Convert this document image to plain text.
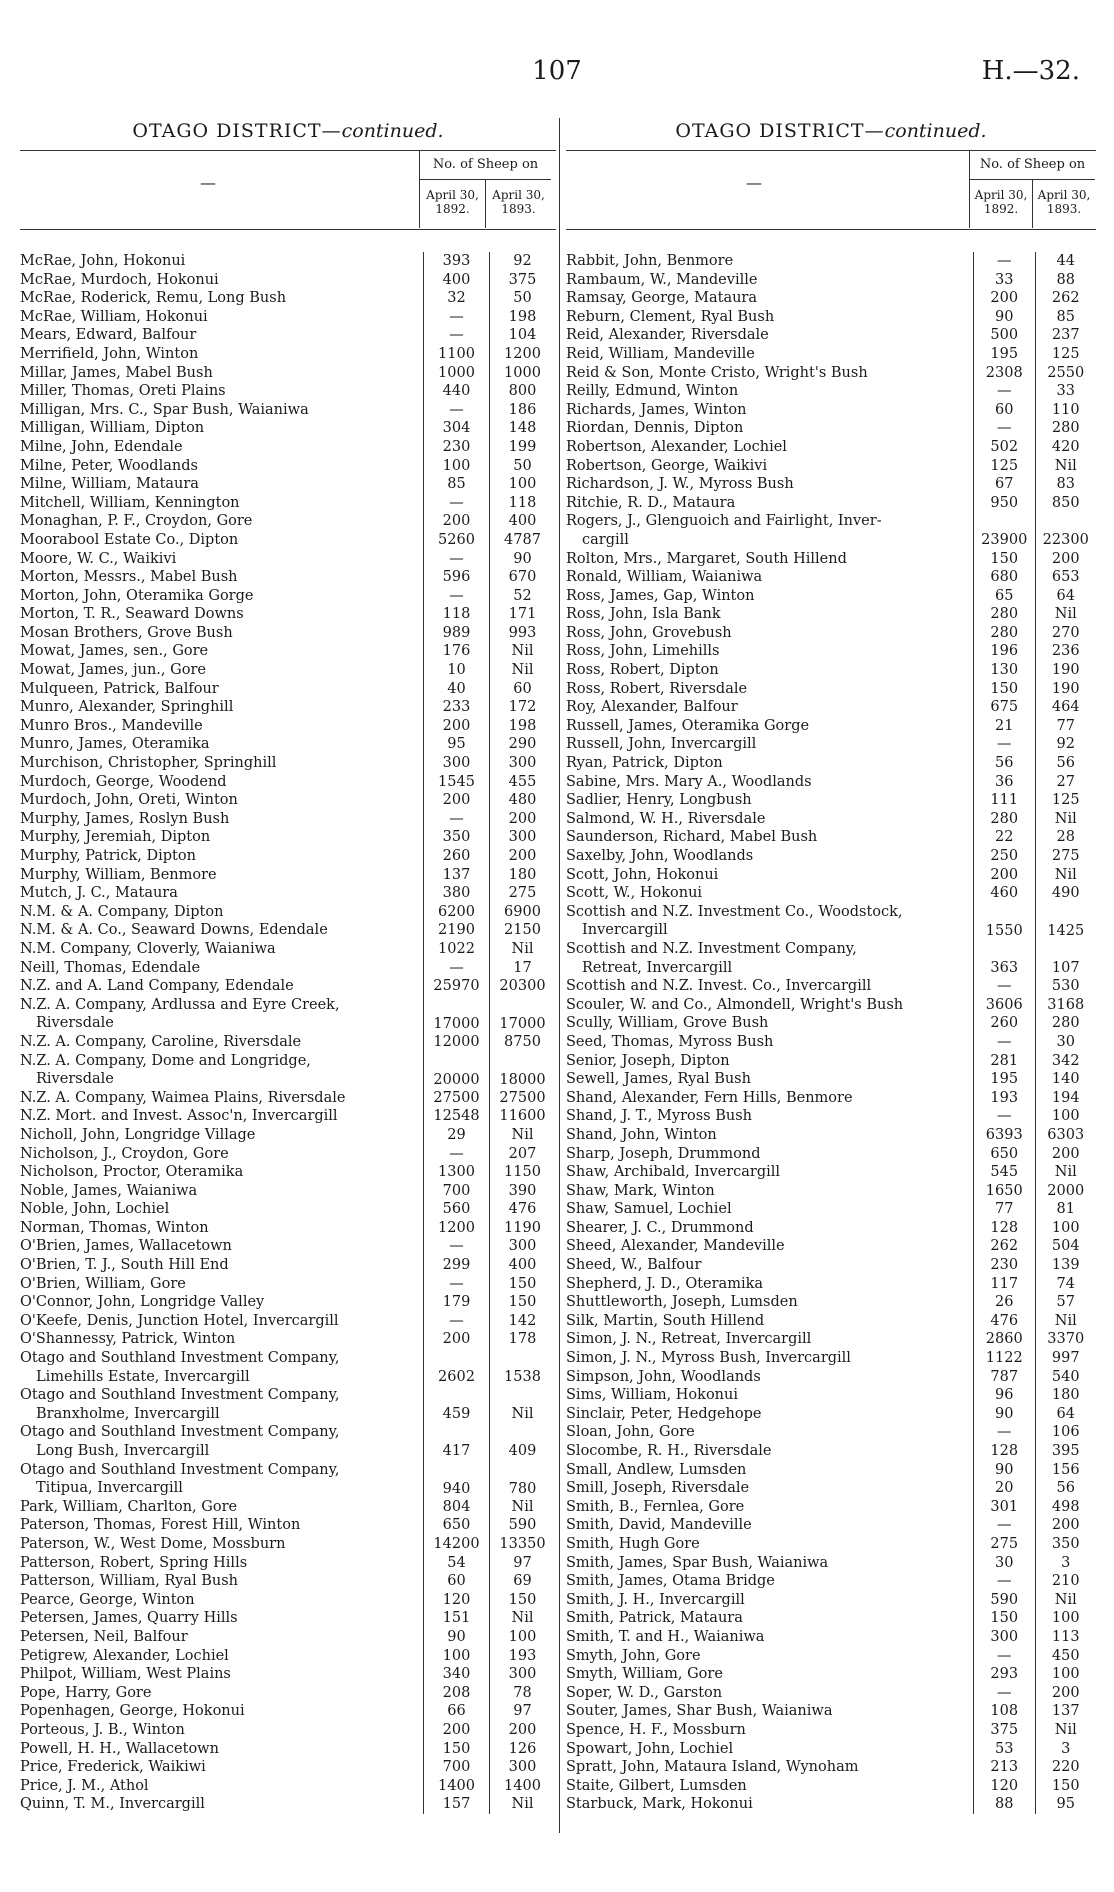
107	H.—32.
OTAGO DISTRICT—continued.
—
No. of Sheep on
April 30, 1892.
April 30, 1893.
McRae, John, Hokonui	393	92
McRae, Murdoch, Hokonui	400	375
McRae, Roderick, Remu, Long Bush	32	50
McRae, William, Hokonui	—	198
Mears, Edward, Balfour	—	104
Merrifield, John, Winton	1100	1200
Millar, James, Mabel Bush	1000	1000
Miller, Thomas, Oreti Plains	440	800
Milligan, Mrs. C., Spar Bush, Waianiwa	—	186
Milligan, William, Dipton	304	148
Milne, John, Edendale	230	199
Milne, Peter, Woodlands	100	50
Milne, William, Mataura	85	100
Mitchell, William, Kennington	—	118
Monaghan, P. F., Croydon, Gore	200	400
Moorabool Estate Co., Dipton	5260	4787
Moore, W. C., Waikivi	—	90
Morton, Messrs., Mabel Bush	596	670
Morton, John, Oteramika Gorge	—	52
Morton, T. R., Seaward Downs	118	171
Mosan Brothers, Grove Bush	989	993
Mowat, James, sen., Gore	176	Nil
Mowat, James, jun., Gore	10	Nil
Mulqueen, Patrick, Balfour	40	60
Munro, Alexander, Springhill	233	172
Munro Bros., Mandeville	200	198
Munro, James, Oteramika	95	290
Murchison, Christopher, Springhill	300	300
Murdoch, George, Woodend	1545	455
Murdoch, John, Oreti, Winton	200	480
Murphy, James, Roslyn Bush	—	200
Murphy, Jeremiah, Dipton	350	300
Murphy, Patrick, Dipton	260	200
Murphy, William, Benmore	137	180
Mutch, J. C., Mataura	380	275
N.M. & A. Company, Dipton	6200	6900
N.M. & A. Co., Seaward Downs, Edendale	2190	2150
N.M. Company, Cloverly, Waianiwa	1022	Nil
Neill, Thomas, Edendale	—	17
N.Z. and A. Land Company, Edendale	25970	20300
N.Z. A. Company, Ardlussa and Eyre Creek,
Riversdale	17000	17000
N.Z. A. Company, Caroline, Riversdale	12000	8750
N.Z. A. Company, Dome and Longridge,
Riversdale	20000	18000
N.Z. A. Company, Waimea Plains, Riversdale	27500	27500
N.Z. Mort. and Invest. Assoc'n, Invercargill	12548	11600
Nicholl, John, Longridge Village	29	Nil
Nicholson, J., Croydon, Gore	—	207
Nicholson, Proctor, Oteramika	1300	1150
Noble, James, Waianiwa	700	390
Noble, John, Lochiel	560	476
Norman, Thomas, Winton	1200	1190
O'Brien, James, Wallacetown	—	300
O'Brien, T. J., South Hill End	299	400
O'Brien, William, Gore	—	150
O'Connor, John, Longridge Valley	179	150
O'Keefe, Denis, Junction Hotel, Invercargill	—	142
O'Shannessy, Patrick, Winton	200	178
Otago and Southland Investment Company,
Limehills Estate, Invercargill	2602	1538
Otago and Southland Investment Company,
Branxholme, Invercargill	459	Nil
Otago and Southland Investment Company,
Long Bush, Invercargill	417	409
Otago and Southland Investment Company,
Titipua, Invercargill	940	780
Park, William, Charlton, Gore	804	Nil
Paterson, Thomas, Forest Hill, Winton	650	590
Paterson, W., West Dome, Mossburn	14200	13350
Patterson, Robert, Spring Hills	54	97
Patterson, William, Ryal Bush	60	69
Pearce, George, Winton	120	150
Petersen, James, Quarry Hills	151	Nil
Petersen, Neil, Balfour	90	100
Petigrew, Alexander, Lochiel	100	193
Philpot, William, West Plains	340	300
Pope, Harry, Gore	208	78
Popenhagen, George, Hokonui	66	97
Porteous, J. B., Winton	200	200
Powell, H. H., Wallacetown	150	126
Price, Frederick, Waikiwi	700	300
Price, J. M., Athol	1400	1400
Quinn, T. M., Invercargill	157	Nil
OTAGO DISTRICT—continued.
—
No. of Sheep on
April 30, 1892.
April 30, 1893.
Rabbit, John, Benmore	—	44
Rambaum, W., Mandeville	33	88
Ramsay, George, Mataura	200	262
Reburn, Clement, Ryal Bush	90	85
Reid, Alexander, Riversdale	500	237
Reid, William, Mandeville	195	125
Reid & Son, Monte Cristo, Wright's Bush	2308	2550
Reilly, Edmund, Winton	—	33
Richards, James, Winton	60	110
Riordan, Dennis, Dipton	—	280
Robertson, Alexander, Lochiel	502	420
Robertson, George, Waikivi	125	Nil
Richardson, J. W., Myross Bush	67	83
Ritchie, R. D., Mataura	950	850
Rogers, J., Glenguoich and Fairlight, Inver-
cargill	23900	22300
Rolton, Mrs., Margaret, South Hillend	150	200
Ronald, William, Waianiwa	680	653
Ross, James, Gap, Winton	65	64
Ross, John, Isla Bank	280	Nil
Ross, John, Grovebush	280	270
Ross, John, Limehills	196	236
Ross, Robert, Dipton	130	190
Ross, Robert, Riversdale	150	190
Roy, Alexander, Balfour	675	464
Russell, James, Oteramika Gorge	21	77
Russell, John, Invercargill	—	92
Ryan, Patrick, Dipton	56	56
Sabine, Mrs. Mary A., Woodlands	36	27
Sadlier, Henry, Longbush	111	125
Salmond, W. H., Riversdale	280	Nil
Saunderson, Richard, Mabel Bush	22	28
Saxelby, John, Woodlands	250	275
Scott, John, Hokonui	200	Nil
Scott, W., Hokonui	460	490
Scottish and N.Z. Investment Co., Woodstock,
Invercargill	1550	1425
Scottish and N.Z. Investment Company,
Retreat, Invercargill	363	107
Scottish and N.Z. Invest. Co., Invercargill	—	530
Scouler, W. and Co., Almondell, Wright's Bush	3606	3168
Scully, William, Grove Bush	260	280
Seed, Thomas, Myross Bush	—	30
Senior, Joseph, Dipton	281	342
Sewell, James, Ryal Bush	195	140
Shand, Alexander, Fern Hills, Benmore	193	194
Shand, J. T., Myross Bush	—	100
Shand, John, Winton	6393	6303
Sharp, Joseph, Drummond	650	200
Shaw, Archibald, Invercargill	545	Nil
Shaw, Mark, Winton	1650	2000
Shaw, Samuel, Lochiel	77	81
Shearer, J. C., Drummond	128	100
Sheed, Alexander, Mandeville	262	504
Sheed, W., Balfour	230	139
Shepherd, J. D., Oteramika	117	74
Shuttleworth, Joseph, Lumsden	26	57
Silk, Martin, South Hillend	476	Nil
Simon, J. N., Retreat, Invercargill	2860	3370
Simon, J. N., Myross Bush, Invercargill	1122	997
Simpson, John, Woodlands	787	540
Sims, William, Hokonui	96	180
Sinclair, Peter, Hedgehope	90	64
Sloan, John, Gore	—	106
Slocombe, R. H., Riversdale	128	395
Small, Andlew, Lumsden	90	156
Smill, Joseph, Riversdale	20	56
Smith, B., Fernlea, Gore	301	498
Smith, David, Mandeville	—	200
Smith, Hugh Gore	275	350
Smith, James, Spar Bush, Waianiwa	30	3
Smith, James, Otama Bridge	—	210
Smith, J. H., Invercargill	590	Nil
Smith, Patrick, Mataura	150	100
Smith, T. and H., Waianiwa	300	113
Smyth, John, Gore	—	450
Smyth, William, Gore	293	100
Soper, W. D., Garston	—	200
Souter, James, Shar Bush, Waianiwa	108	137
Spence, H. F., Mossburn	375	Nil
Spowart, John, Lochiel	53	3
Spratt, John, Mataura Island, Wynoham	213	220
Staite, Gilbert, Lumsden	120	150
Starbuck, Mark, Hokonui	88	95
